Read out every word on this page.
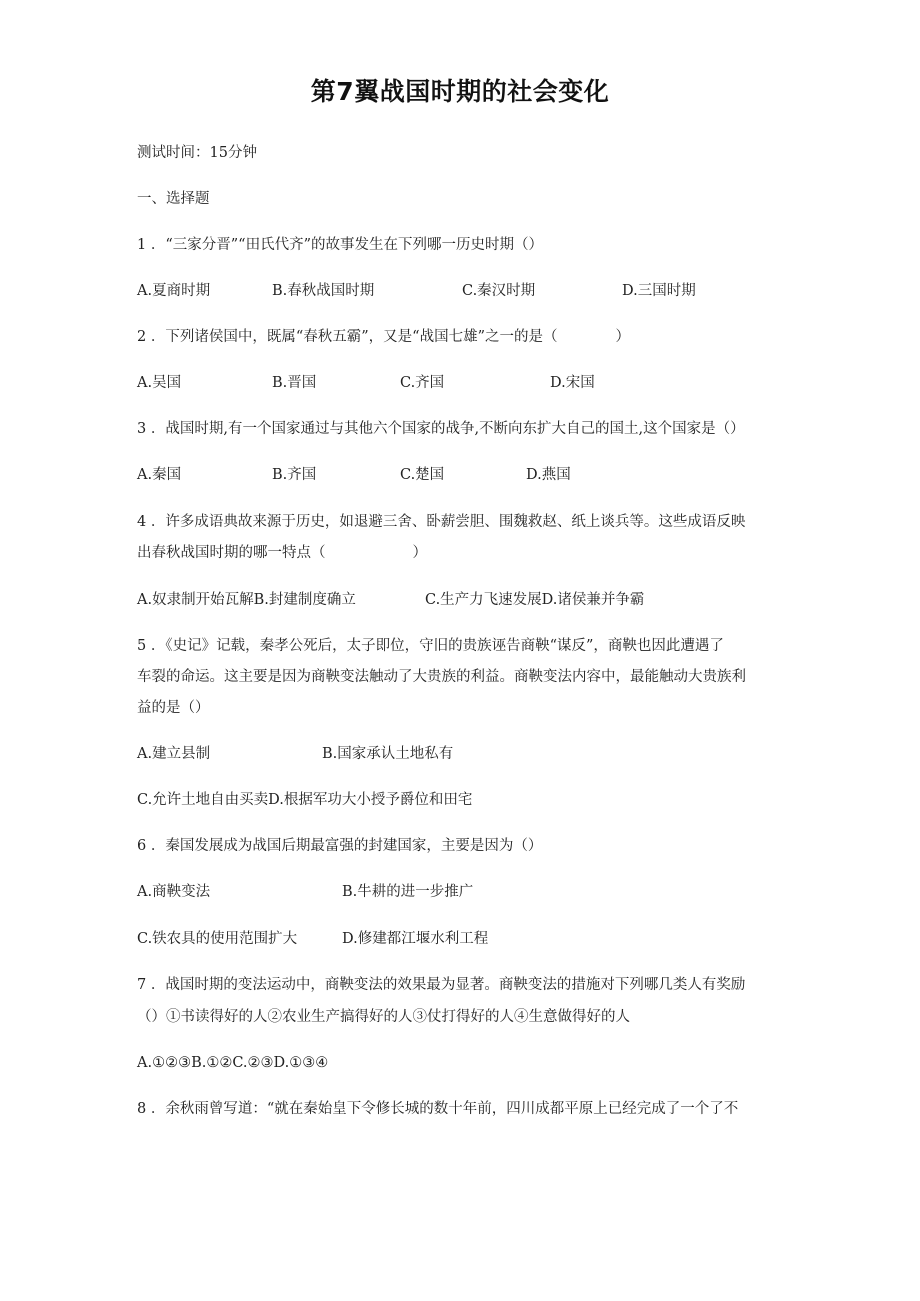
第7翼战国时期的社会变化
测试时间：15分钟
一、选择题
1 ．“三家分晋”“田氏代齐”的故事发生在下列哪一历史时期（）
A.夏商时期	B.春秋战国时期	C.秦汉时期	D.三国时期
2 ．下列诸侯国中，既属“春秋五霸”，又是“战国七雄”之一的是（　　　　）
A.吴国	B.晋国	C.齐国	D.宋国
3 ．战国时期,有一个国家通过与其他六个国家的战争,不断向东扩大自己的国土,这个国家是（）
A.秦国	B.齐国	C.楚国	D.燕国
4 ．许多成语典故来源于历史，如退避三舍、卧薪尝胆、围魏救赵、纸上谈兵等。这些成语反映
出春秋战国时期的哪一特点（　　　　　　）
A.奴隶制开始瓦解B.封建制度确立	C.生产力飞速发展D.诸侯兼并争霸
5 ．《史记》记载，秦孝公死后，太子即位，守旧的贵族诬告商鞅“谋反”，商鞅也因此遭遇了
车裂的命运。这主要是因为商鞅变法触动了大贵族的利益。商鞅变法内容中，最能触动大贵族利
益的是（）
A.建立县制	B.国家承认土地私有
C.允许土地自由买卖D.根据军功大小授予爵位和田宅
6 ．秦国发展成为战国后期最富强的封建国家，主要是因为（）
A.商鞅变法	B.牛耕的进一步推广
C.铁农具的使用范围扩大	D.修建都江堰水利工程
7 ．战国时期的变法运动中，商鞅变法的效果最为显著。商鞅变法的措施对下列哪几类人有奖励
（）①书读得好的人②农业生产搞得好的人③仗打得好的人④生意做得好的人
A.①②③B.①②C.②③D.①③④
8 ．余秋雨曾写道：“就在秦始皇下令修长城的数十年前，四川成都平原上已经完成了一个了不
